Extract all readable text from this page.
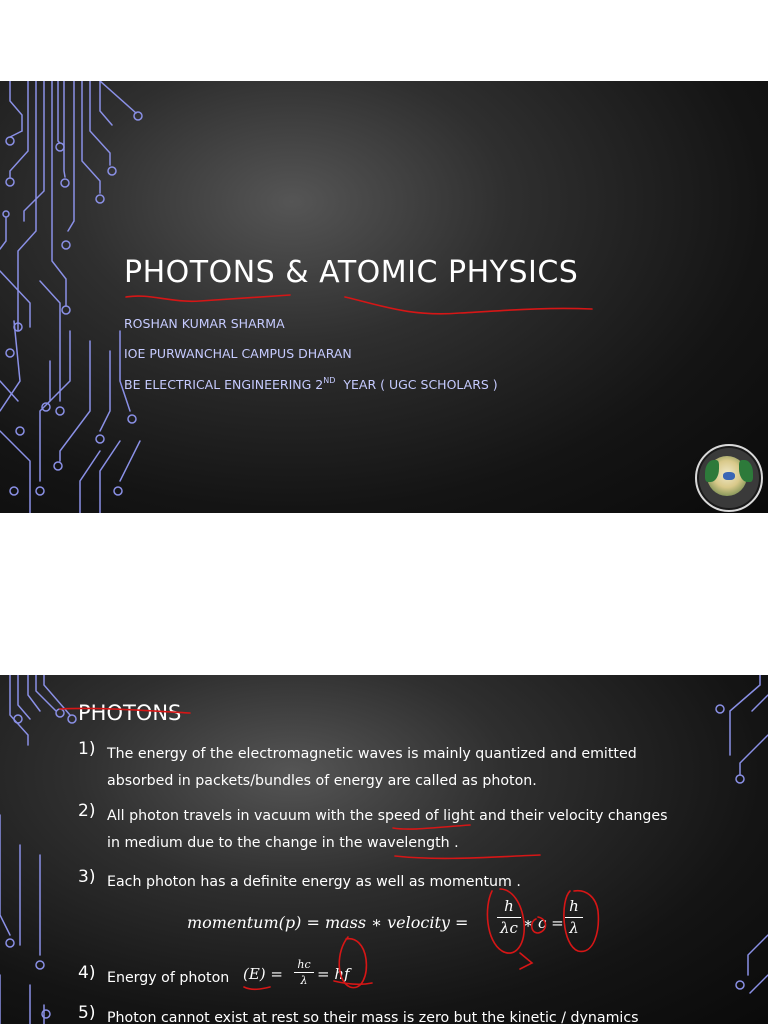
PHOTONS & ATOMIC PHYSICS

ROSHAN KUMAR SHARMA

IOE PURWANCHAL CAMPUS DHARAN

BE ELECTRICAL ENGINEERING 2ND YEAR ( UGC SCHOLARS )

PHOTONS
1) The energy of the electromagnetic waves is mainly quantized and emitted absorbed in packets/bundles of energy are called as photon.
2) All photon travels in vacuum with the speed of light and their velocity changes in medium due to the change in the wavelength .
3) Each photon has a definite energy as well as momentum .
momentum(p) = mass ∗ velocity =
h
λc ∗ c =
h
λ
4) Energy of photon (E) =
hc
λ = hf
5) Photon cannot exist at rest so their mass is zero but the kinetic / dynamics
